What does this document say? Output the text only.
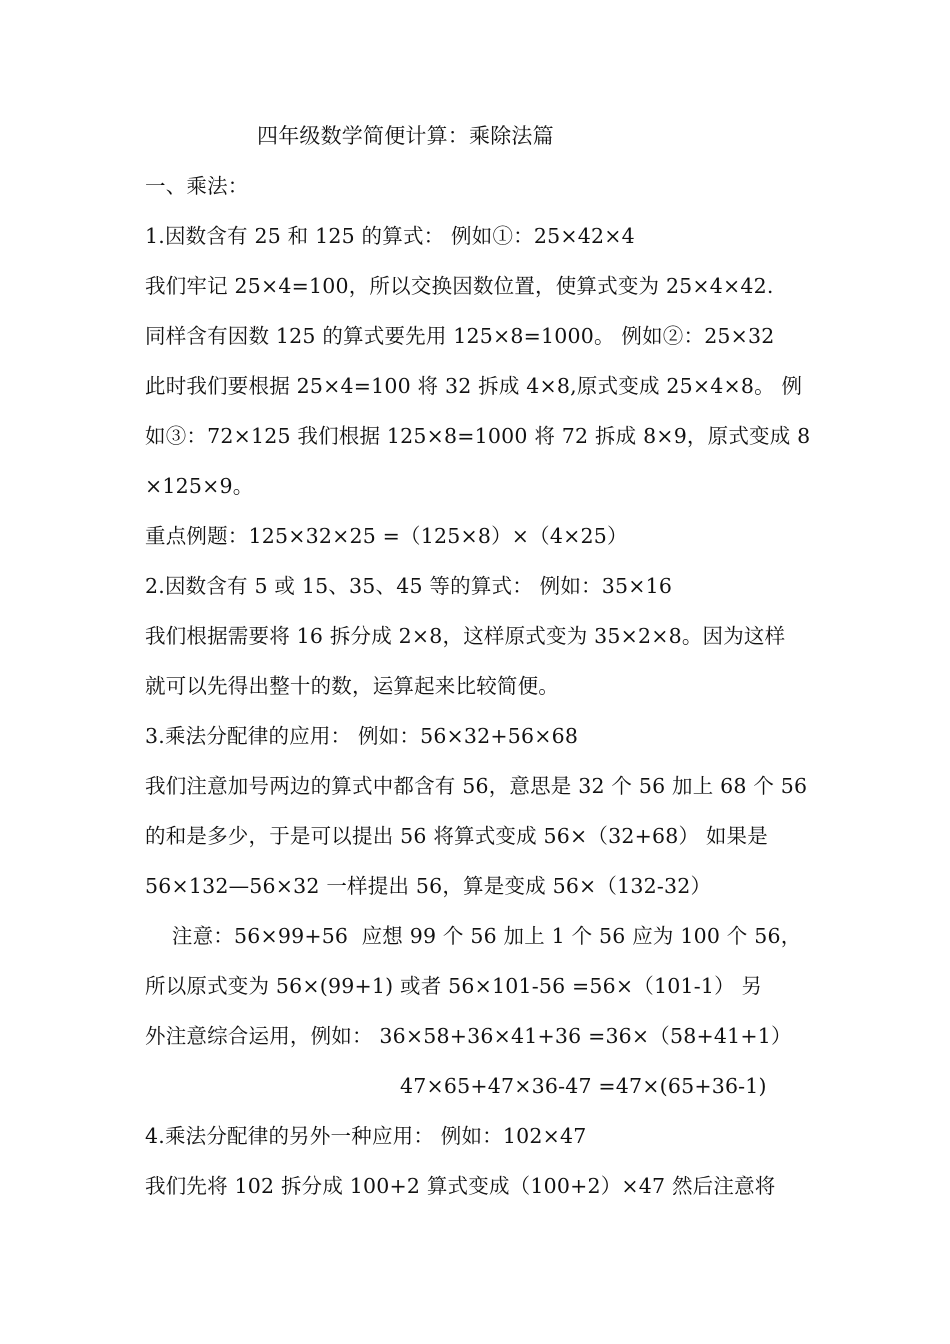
四年级数学简便计算：乘除法篇
一、乘法：
1.因数含有 25 和 125 的算式： 例如①：25×42×4
我们牢记 25×4=100，所以交换因数位置，使算式变为 25×4×42.
同样含有因数 125 的算式要先用 125×8=1000。 例如②：25×32
此时我们要根据 25×4=100 将 32 拆成 4×8,原式变成 25×4×8。 例
如③：72×125 我们根据 125×8=1000 将 72 拆成 8×9，原式变成 8
×125×9。
重点例题：125×32×25 =（125×8）×（4×25）
2.因数含有 5 或 15、35、45 等的算式： 例如：35×16
我们根据需要将 16 拆分成 2×8，这样原式变为 35×2×8。因为这样
就可以先得出整十的数，运算起来比较简便。
3.乘法分配律的应用： 例如：56×32+56×68
我们注意加号两边的算式中都含有 56，意思是 32 个 56 加上 68 个 56
的和是多少，于是可以提出 56 将算式变成 56×（32+68） 如果是
56×132—56×32 一样提出 56，算是变成 56×（132-32）
注意：56×99+56  应想 99 个 56 加上 1 个 56 应为 100 个 56，
所以原式变为 56×(99+1) 或者 56×101-56 =56×（101-1） 另
外注意综合运用，例如： 36×58+36×41+36 =36×（58+41+1）
47×65+47×36-47 =47×(65+36-1)
4.乘法分配律的另外一种应用： 例如：102×47
我们先将 102 拆分成 100+2 算式变成（100+2）×47 然后注意将
